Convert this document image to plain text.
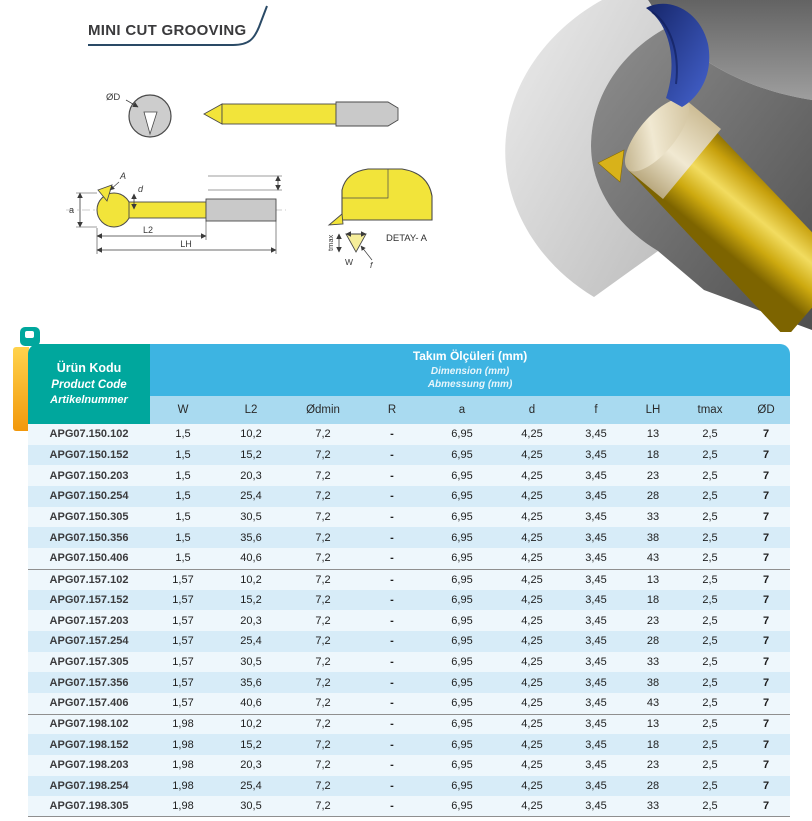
MINI CUT GROOVING
ØD
a
A
d
L2
LH	tmax
W f
DETAY- A
Ürün Kodu
Product Code
Artikelnummer

Takım Ölçüleri (mm)
Dimension (mm)
Abmessung (mm)

	W	L2	Ødmin	R	a	d	f	LH	tmax	ØD
APG07.150.102	1,5	10,2	7,2	-	6,95	4,25	3,45	13	2,5	7
APG07.150.152	1,5	15,2	7,2	-	6,95	4,25	3,45	18	2,5	7
APG07.150.203	1,5	20,3	7,2	-	6,95	4,25	3,45	23	2,5	7
APG07.150.254	1,5	25,4	7,2	-	6,95	4,25	3,45	28	2,5	7
APG07.150.305	1,5	30,5	7,2	-	6,95	4,25	3,45	33	2,5	7
APG07.150.356	1,5	35,6	7,2	-	6,95	4,25	3,45	38	2,5	7
APG07.150.406	1,5	40,6	7,2	-	6,95	4,25	3,45	43	2,5	7
APG07.157.102	1,57	10,2	7,2	-	6,95	4,25	3,45	13	2,5	7
APG07.157.152	1,57	15,2	7,2	-	6,95	4,25	3,45	18	2,5	7
APG07.157.203	1,57	20,3	7,2	-	6,95	4,25	3,45	23	2,5	7
APG07.157.254	1,57	25,4	7,2	-	6,95	4,25	3,45	28	2,5	7
APG07.157.305	1,57	30,5	7,2	-	6,95	4,25	3,45	33	2,5	7
APG07.157.356	1,57	35,6	7,2	-	6,95	4,25	3,45	38	2,5	7
APG07.157.406	1,57	40,6	7,2	-	6,95	4,25	3,45	43	2,5	7
APG07.198.102	1,98	10,2	7,2	-	6,95	4,25	3,45	13	2,5	7
APG07.198.152	1,98	15,2	7,2	-	6,95	4,25	3,45	18	2,5	7
APG07.198.203	1,98	20,3	7,2	-	6,95	4,25	3,45	23	2,5	7
APG07.198.254	1,98	25,4	7,2	-	6,95	4,25	3,45	28	2,5	7
APG07.198.305	1,98	30,5	7,2	-	6,95	4,25	3,45	33	2,5	7
